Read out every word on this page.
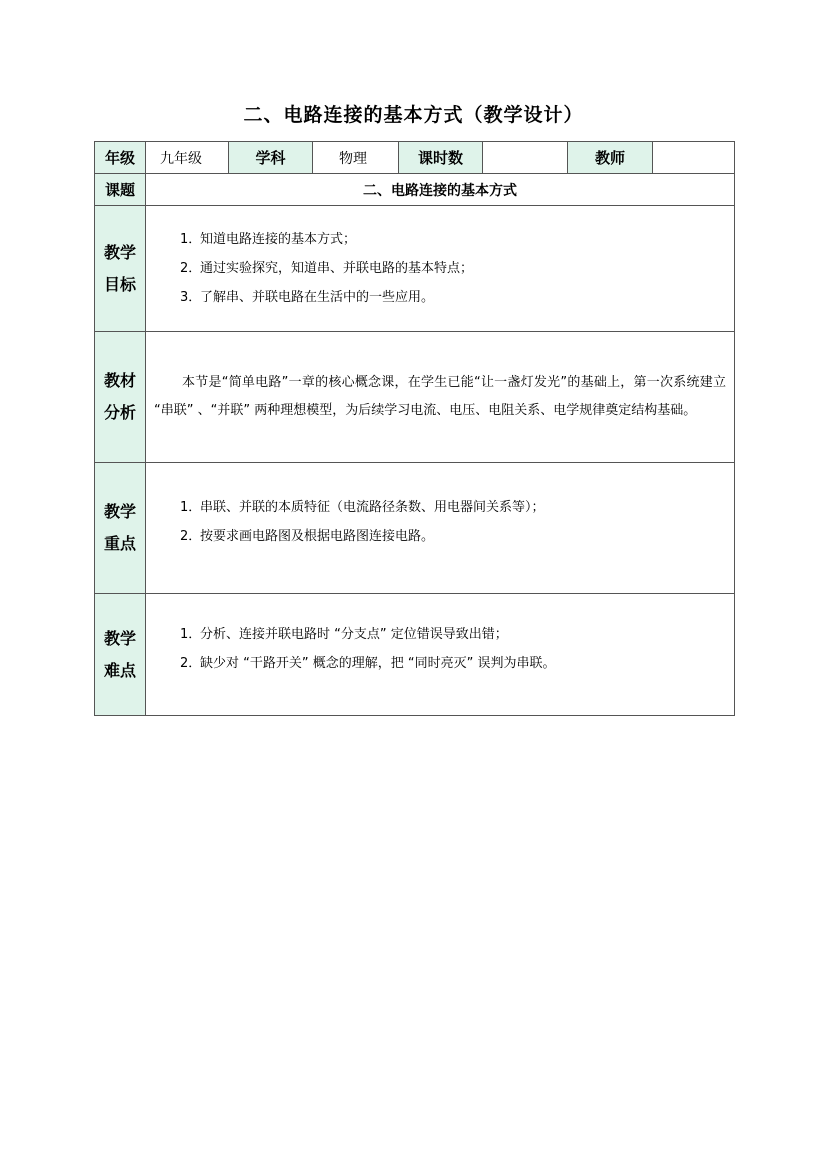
二、电路连接的基本方式（教学设计）
年级	九年级	学科	物理	课时数		教师	
课题	二、电路连接的基本方式						

教学
目标	1．知道电路连接的基本方式；
2．通过实验探究，知道串、并联电路的基本特点；
3．了解串、并联电路在生活中的一些应用。						

教材
分析	本节是“简单电路”一章的核心概念课，在学生已能“让一盏灯发光”的基础上，第一次系统建立 “串联” 、“并联” 两种理想模型，为后续学习电流、电压、电阻关系、电学规律奠定结构基础。						

教学
重点	1．串联、并联的本质特征（电流路径条数、用电器间关系等）；
2．按要求画电路图及根据电路图连接电路。						

教学
难点	1．分析、连接并联电路时 “分支点” 定位错误导致出错；
2．缺少对 “干路开关” 概念的理解，把 “同时亮灭” 误判为串联。						
